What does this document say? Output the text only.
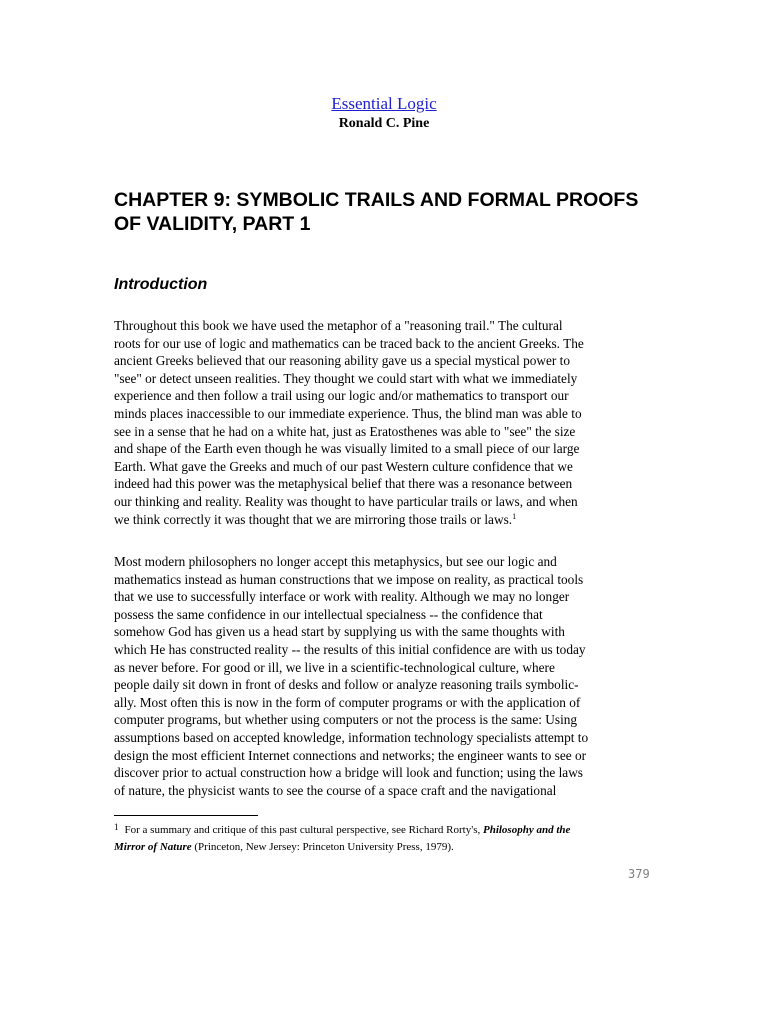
Essential Logic
Ronald C. Pine
CHAPTER 9: SYMBOLIC TRAILS AND FORMAL PROOFS
OF VALIDITY, PART 1
Introduction
Throughout this book we have used the metaphor of a "reasoning trail." The cultural
roots for our use of logic and mathematics can be traced back to the ancient Greeks. The
ancient Greeks believed that our reasoning ability gave us a special mystical power to
"see" or detect unseen realities. They thought we could start with what we immediately
experience and then follow a trail using our logic and/or mathematics to transport our
minds places inaccessible to our immediate experience. Thus, the blind man was able to
see in a sense that he had on a white hat, just as Eratosthenes was able to "see" the size
and shape of the Earth even though he was visually limited to a small piece of our large
Earth. What gave the Greeks and much of our past Western culture confidence that we
indeed had this power was the metaphysical belief that there was a resonance between
our thinking and reality. Reality was thought to have particular trails or laws, and when
we think correctly it was thought that we are mirroring those trails or laws.$^1$
Most modern philosophers no longer accept this metaphysics, but see our logic and
mathematics instead as human constructions that we impose on reality, as practical tools
that we use to successfully interface or work with reality. Although we may no longer
possess the same confidence in our intellectual specialness -- the confidence that
somehow God has given us a head start by supplying us with the same thoughts with
which He has constructed reality -- the results of this initial confidence are with us today
as never before. For good or ill, we live in a scientific-technological culture, where
people daily sit down in front of desks and follow or analyze reasoning trails symbolic-
ally. Most often this is now in the form of computer programs or with the application of
computer programs, but whether using computers or not the process is the same: Using
assumptions based on accepted knowledge, information technology specialists attempt to
design the most efficient Internet connections and networks; the engineer wants to see or
discover prior to actual construction how a bridge will look and function; using the laws
of nature, the physicist wants to see the course of a space craft and the navigational
$^1$ For a summary and critique of this past cultural perspective, see Richard Rorty's, Philosophy and the
Mirror of Nature (Princeton, New Jersey: Princeton University Press, 1979).
379
